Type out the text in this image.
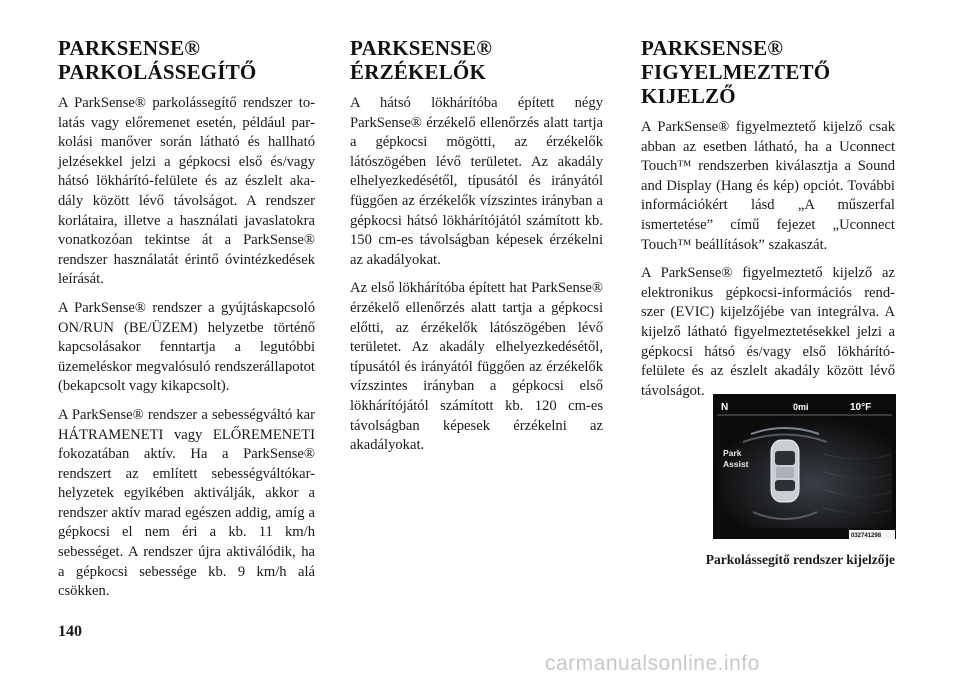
PARKSENSE® PARKOLÁSSEGÍTŐ

A ParkSense® parkolássegítő rendszer tolatás vagy előremenet esetén, például parkolási manőver során látható és hallható jelzésekkel jelzi a gépkocsi első és/vagy hátsó lökhárító-felülete és az észlelt akadály között lévő távolságot. A rendszer korlátaira, illetve a használati javaslatokra vonatkozóan tekintse át a ParkSense® rendszer használatát érintő óvintézkedések leírását.

A ParkSense® rendszer a gyújtáskapcsoló ON/RUN (BE/ÜZEM) helyzetbe történő kapcsolásakor fenntartja a legutóbbi üzemeléskor megvalósuló rendszerállapotot (bekapcsolt vagy kikapcsolt).

A ParkSense® rendszer a sebességváltó kar HÁTRAMENETI vagy ELŐREMENETI fokozatában aktív. Ha a ParkSense® rendszert az említett sebességváltókar-helyzetek egyikében aktiválják, akkor a rendszer aktív marad egészen addig, amíg a gépkocsi el nem éri a kb. 11 km/h sebességet. A rendszer újra aktiválódik, ha a gépkocsi sebessége kb. 9 km/h alá csökken.

PARKSENSE® ÉRZÉKELŐK

A hátsó lökhárítóba épített négy ParkSense® érzékelő ellenőrzés alatt tartja a gépkocsi mögötti, az érzékelők látószögében lévő területet. Az akadály elhelyezkedésétől, típusától és irányától függően az érzékelők vízszintes irányban a gépkocsi hátsó lökhárítójától számított kb. 150 cm-es távolságban képesek érzékelni az akadályokat.

Az első lökhárítóba épített hat ParkSense® érzékelő ellenőrzés alatt tartja a gépkocsi előtti, az érzékelők látószögében lévő területet. Az akadály elhelyezkedésétől, típusától és irányától függően az érzékelők vízszintes irányban a gépkocsi első lökhárítójától számított kb. 120 cm-es távolságban képesek érzékelni az akadályokat.

PARKSENSE® FIGYELMEZTETŐ KIJELZŐ

A ParkSense® figyelmeztető kijelző csak abban az esetben látható, ha a Uconnect Touch™ rendszerben kiválasztja a Sound and Display (Hang és kép) opciót. További információkért lásd „A műszerfal ismertetése” című fejezet „Uconnect Touch™ beállítások” szakaszát.

A ParkSense® figyelmeztető kijelző az elektronikus gépkocsi-információs rendszer (EVIC) kijelzőjébe van integrálva. A kijelző látható figyelmeztetésekkel jelzi a gépkocsi hátsó és/vagy első lökhárító-felülete és az észlelt akadály között lévő távolságot.

N	0mi	10°F
Park
Assist
032741298
Parkolássegítő rendszer kijelzője
140
carmanualsonline.info
